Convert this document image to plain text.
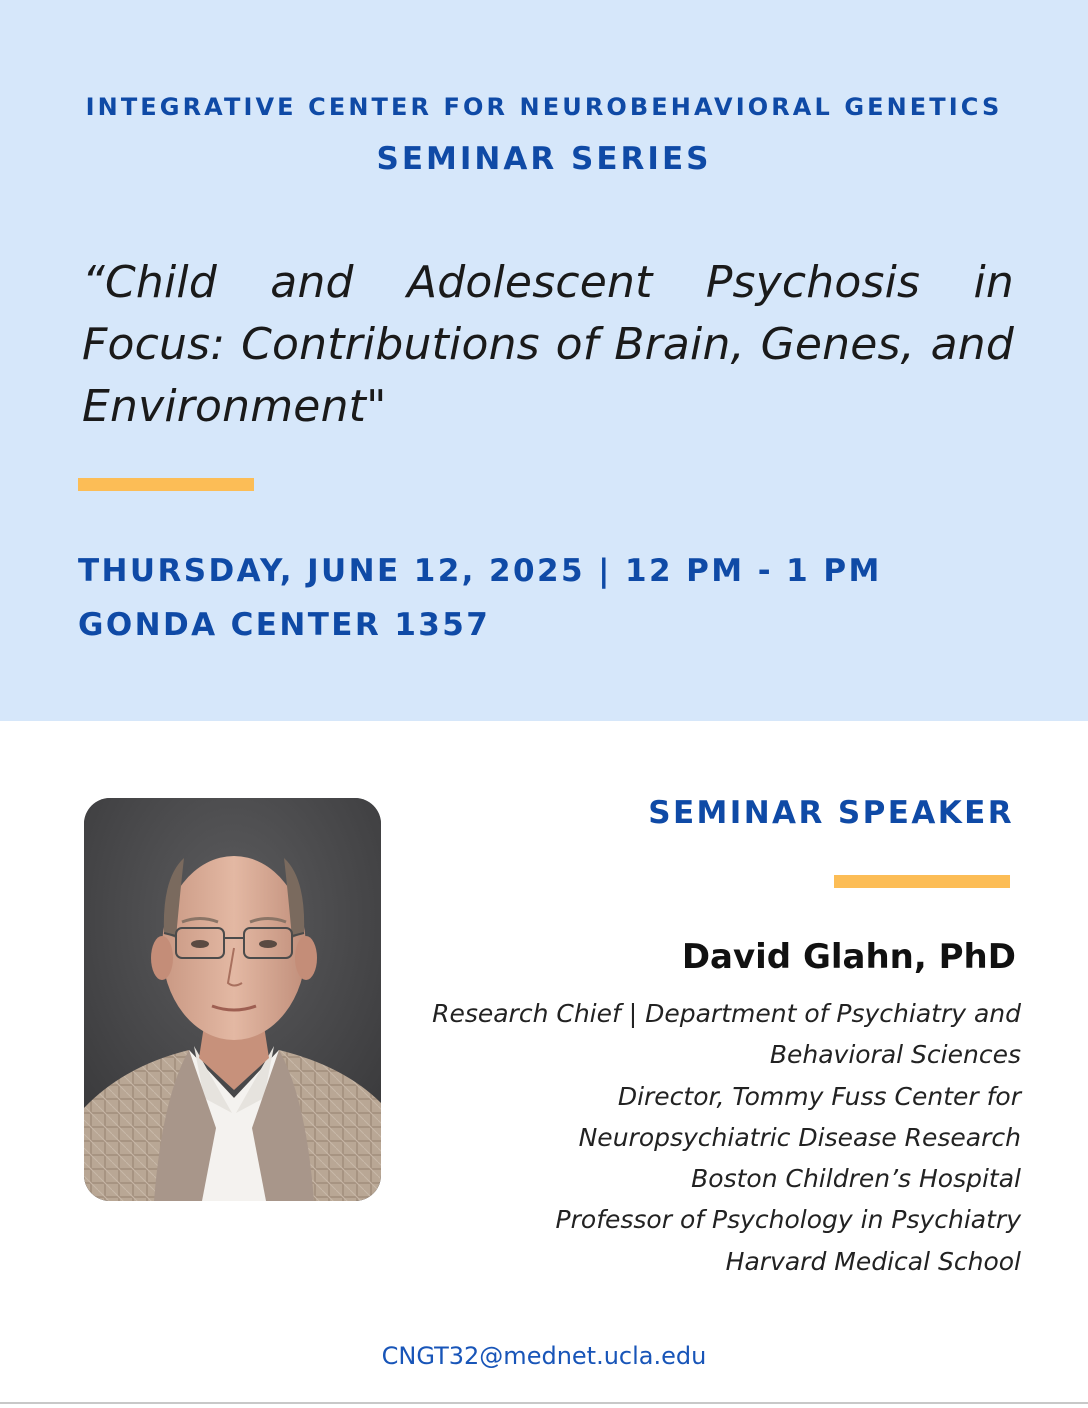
INTEGRATIVE CENTER FOR NEUROBEHAVIORAL GENETICS
SEMINAR SERIES
“Child and Adolescent Psychosis in Focus: Contributions of Brain, Genes, and Environment"
THURSDAY, JUNE 12, 2025 | 12 PM - 1 PM
GONDA CENTER 1357
SEMINAR SPEAKER
David Glahn, PhD
Research Chief | Department of Psychiatry and
Behavioral Sciences
Director, Tommy Fuss Center for
Neuropsychiatric Disease Research
Boston Children’s Hospital
Professor of Psychology in Psychiatry
Harvard Medical School
CNGT32@mednet.ucla.edu
